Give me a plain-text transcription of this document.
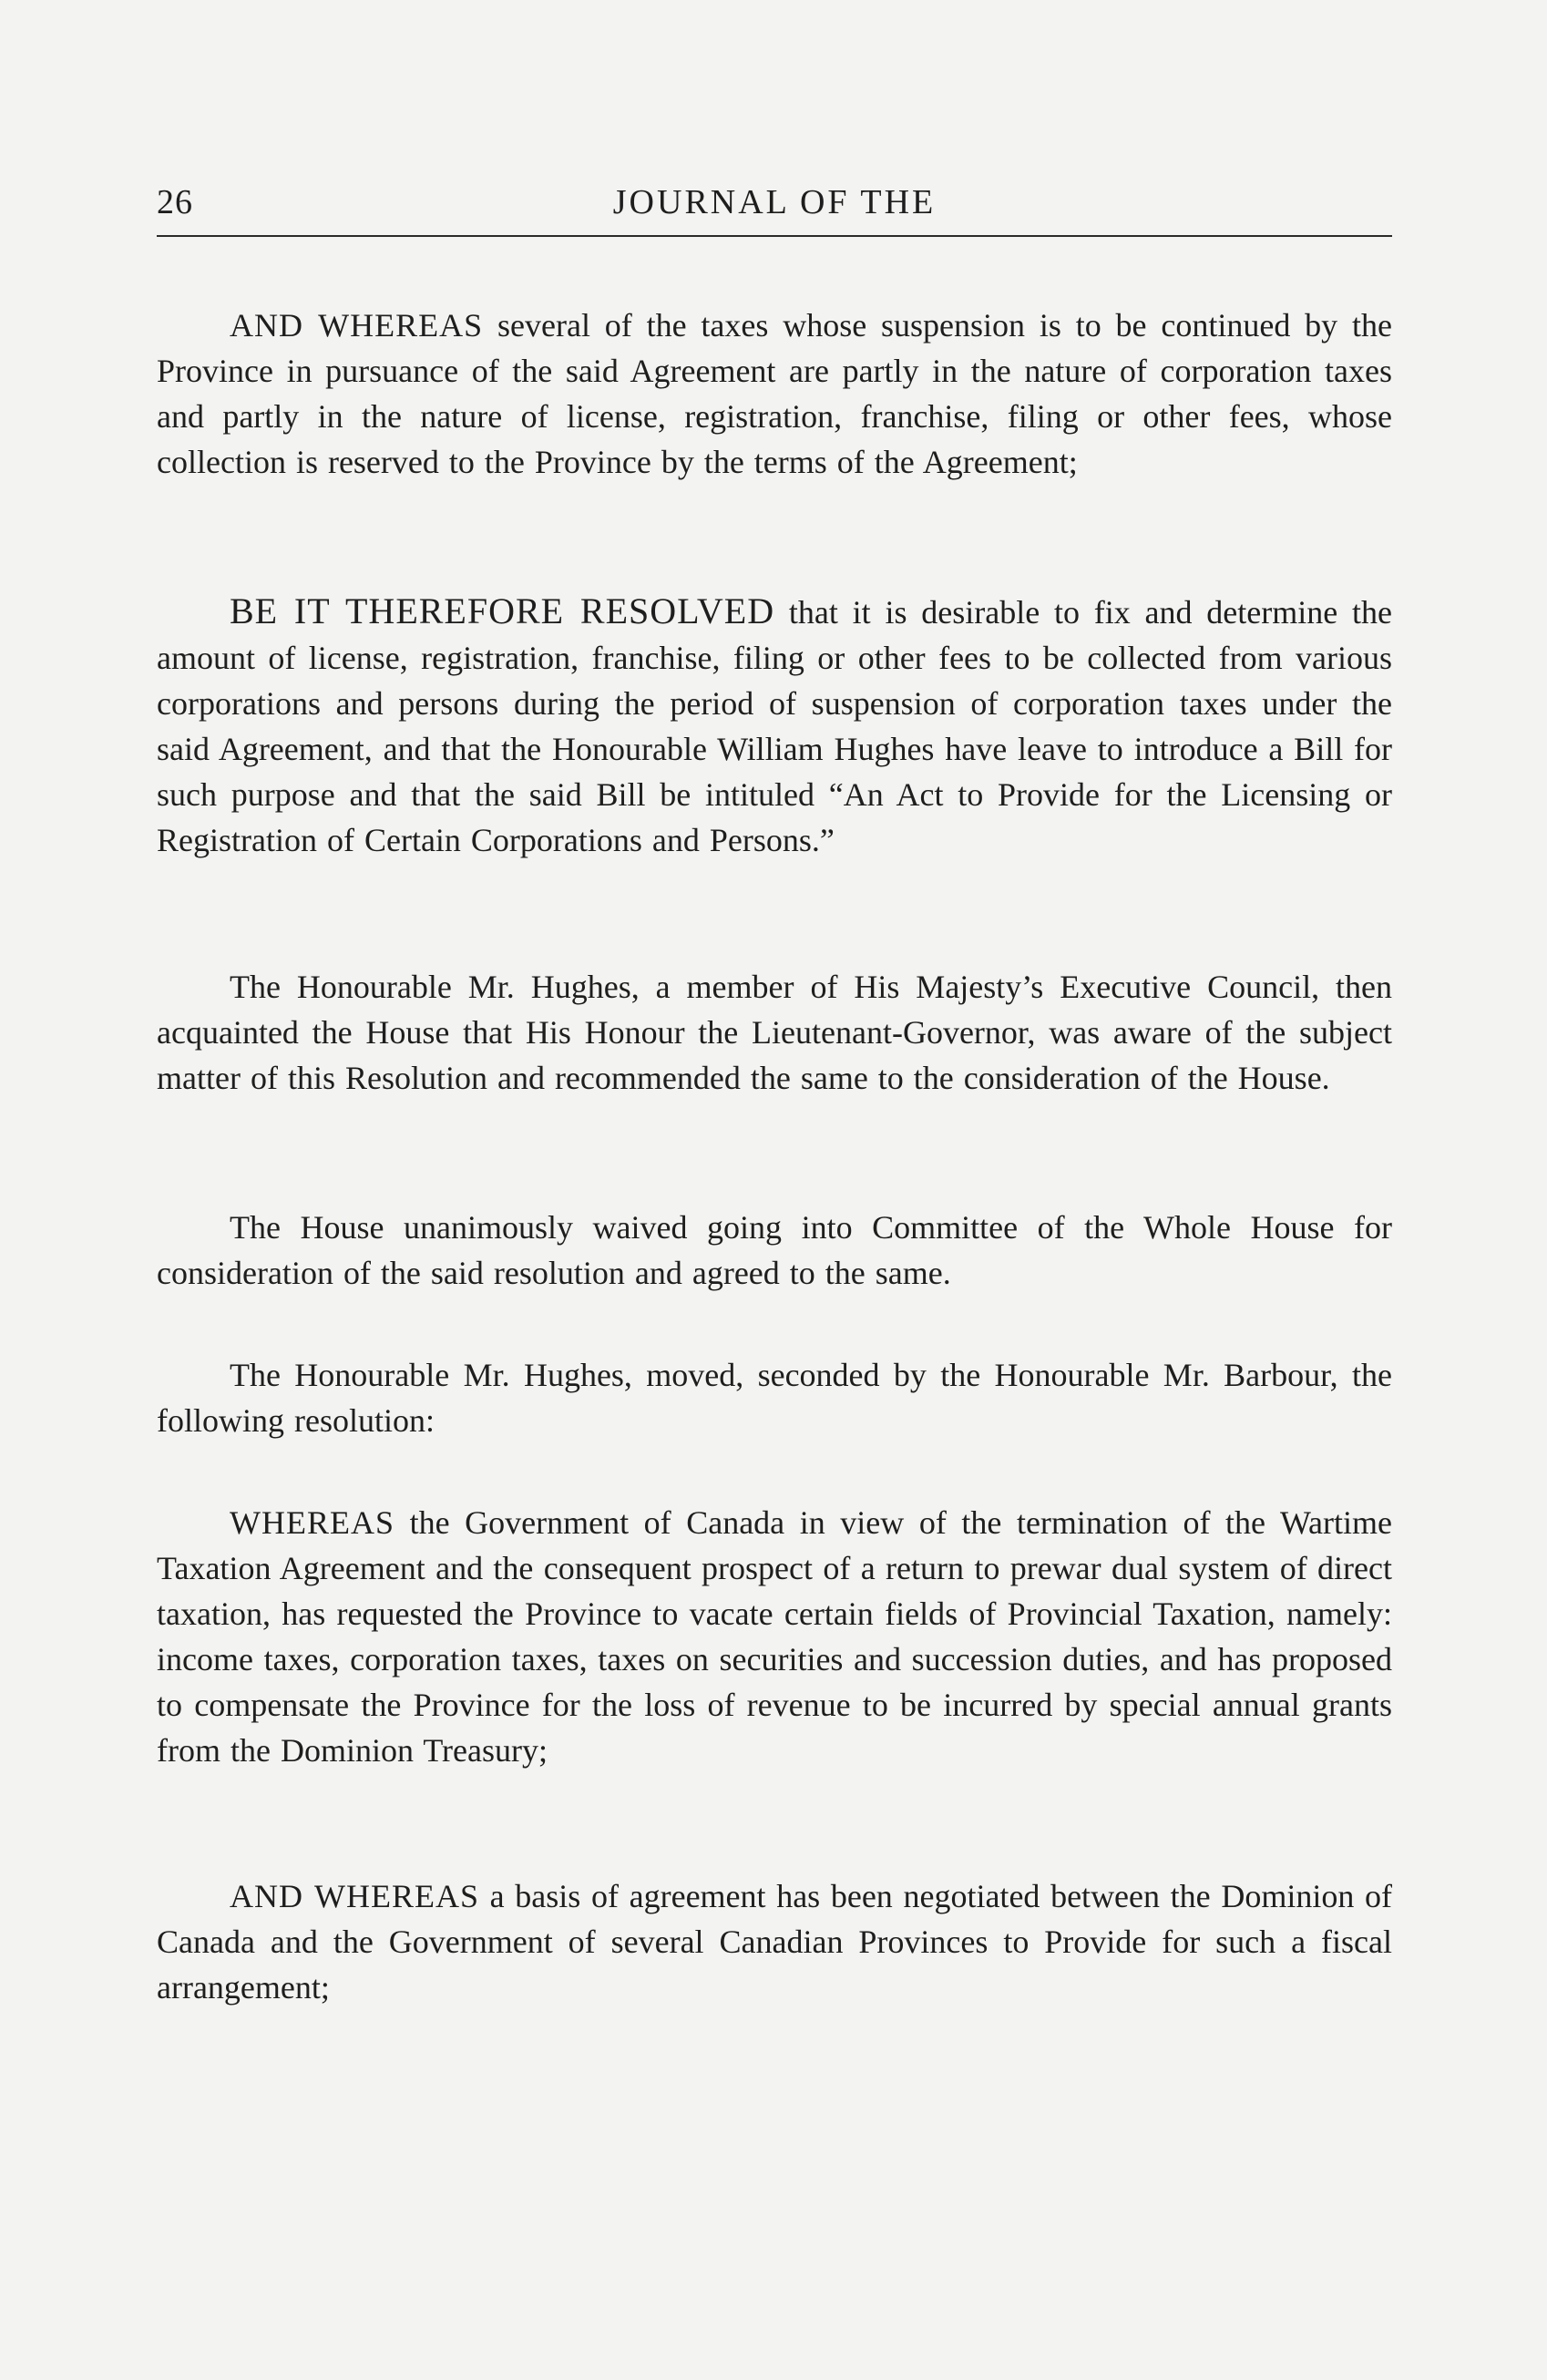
26	JOURNAL OF THE

AND WHEREAS several of the taxes whose suspension is to be continued by the Province in pursuance of the said Agreement are partly in the nature of corporation taxes and partly in the nature of license, registration, franchise, filing or other fees, whose collection is reserved to the Province by the terms of the Agreement;

BE IT THEREFORE RESOLVED that it is desirable to fix and determine the amount of license, registration, franchise, filing or other fees to be collected from various corporations and persons during the period of suspension of corporation taxes under the said Agreement, and that the Honourable William Hughes have leave to introduce a Bill for such purpose and that the said Bill be intituled “An Act to Provide for the Licensing or Registration of Certain Corporations and Persons.”

The Honourable Mr. Hughes, a member of His Majesty’s Executive Council, then acquainted the House that His Honour the Lieutenant-Governor, was aware of the subject matter of this Resolution and recommended the same to the consideration of the House.

The House unanimously waived going into Committee of the Whole House for consideration of the said resolution and agreed to the same.

The Honourable Mr. Hughes, moved, seconded by the Honourable Mr. Barbour, the following resolution:

WHEREAS the Government of Canada in view of the termination of the Wartime Taxation Agreement and the consequent prospect of a return to prewar dual system of direct taxation, has requested the Province to vacate certain fields of Provincial Taxation, namely: income taxes, corporation taxes, taxes on securities and succession duties, and has proposed to compensate the Province for the loss of revenue to be incurred by special annual grants from the Dominion Treasury;

AND WHEREAS a basis of agreement has been negotiated between the Dominion of Canada and the Government of several Canadian Provinces to Provide for such a fiscal arrangement;
